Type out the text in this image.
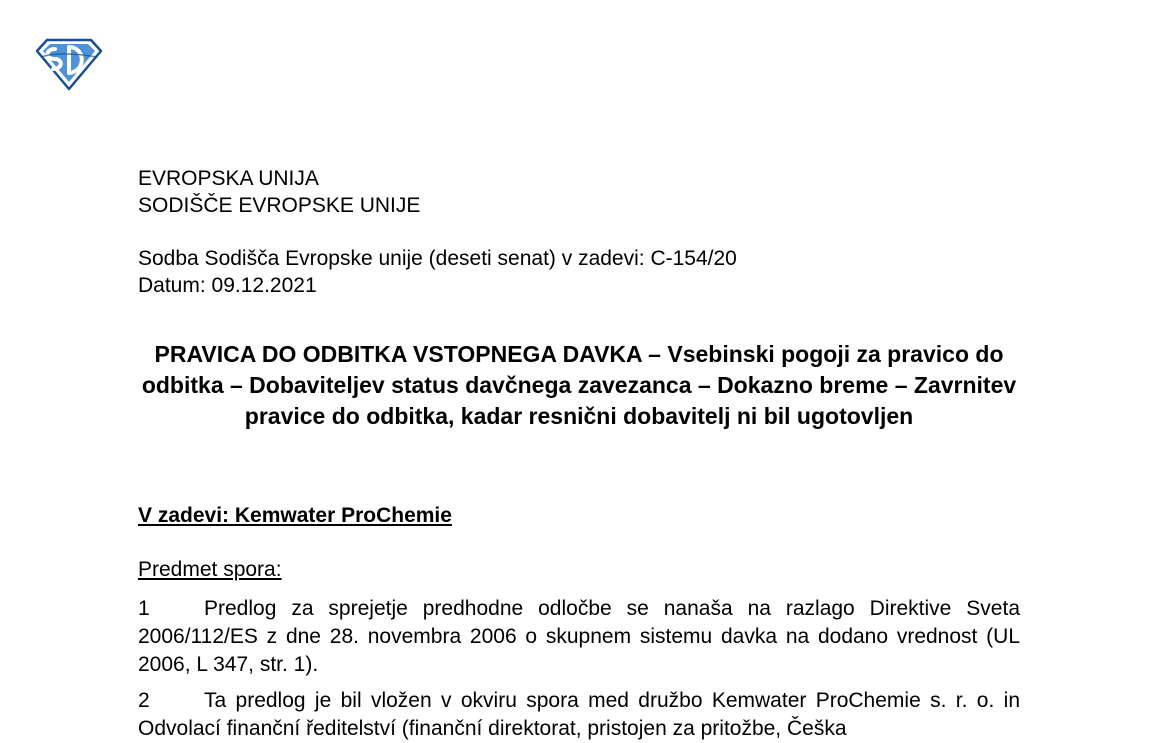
EVROPSKA UNIJA

SODIŠČE EVROPSKE UNIJE

Sodba Sodišča Evropske unije (deseti senat) v zadevi: C-154/20

Datum: 09.12.2021

PRAVICA DO ODBITKA VSTOPNEGA DAVKA – Vsebinski pogoji za pravico do odbitka – Dobaviteljev status davčnega zavezanca – Dokazno breme – Zavrnitev pravice do odbitka, kadar resnični dobavitelj ni bil ugotovljen

V zadevi: Kemwater ProChemie

Predmet spora:

1	Predlog za sprejetje predhodne odločbe se nanaša na razlago Direktive Sveta 2006/112/ES z dne 28. novembra 2006 o skupnem sistemu davka na dodano vrednost (UL 2006, L 347, str. 1).

2	Ta predlog je bil vložen v okviru spora med družbo Kemwater ProChemie s. r. o. in Odvolací finanční ředitelství (finanční direktorat, pristojen za pritožbe, Češka
